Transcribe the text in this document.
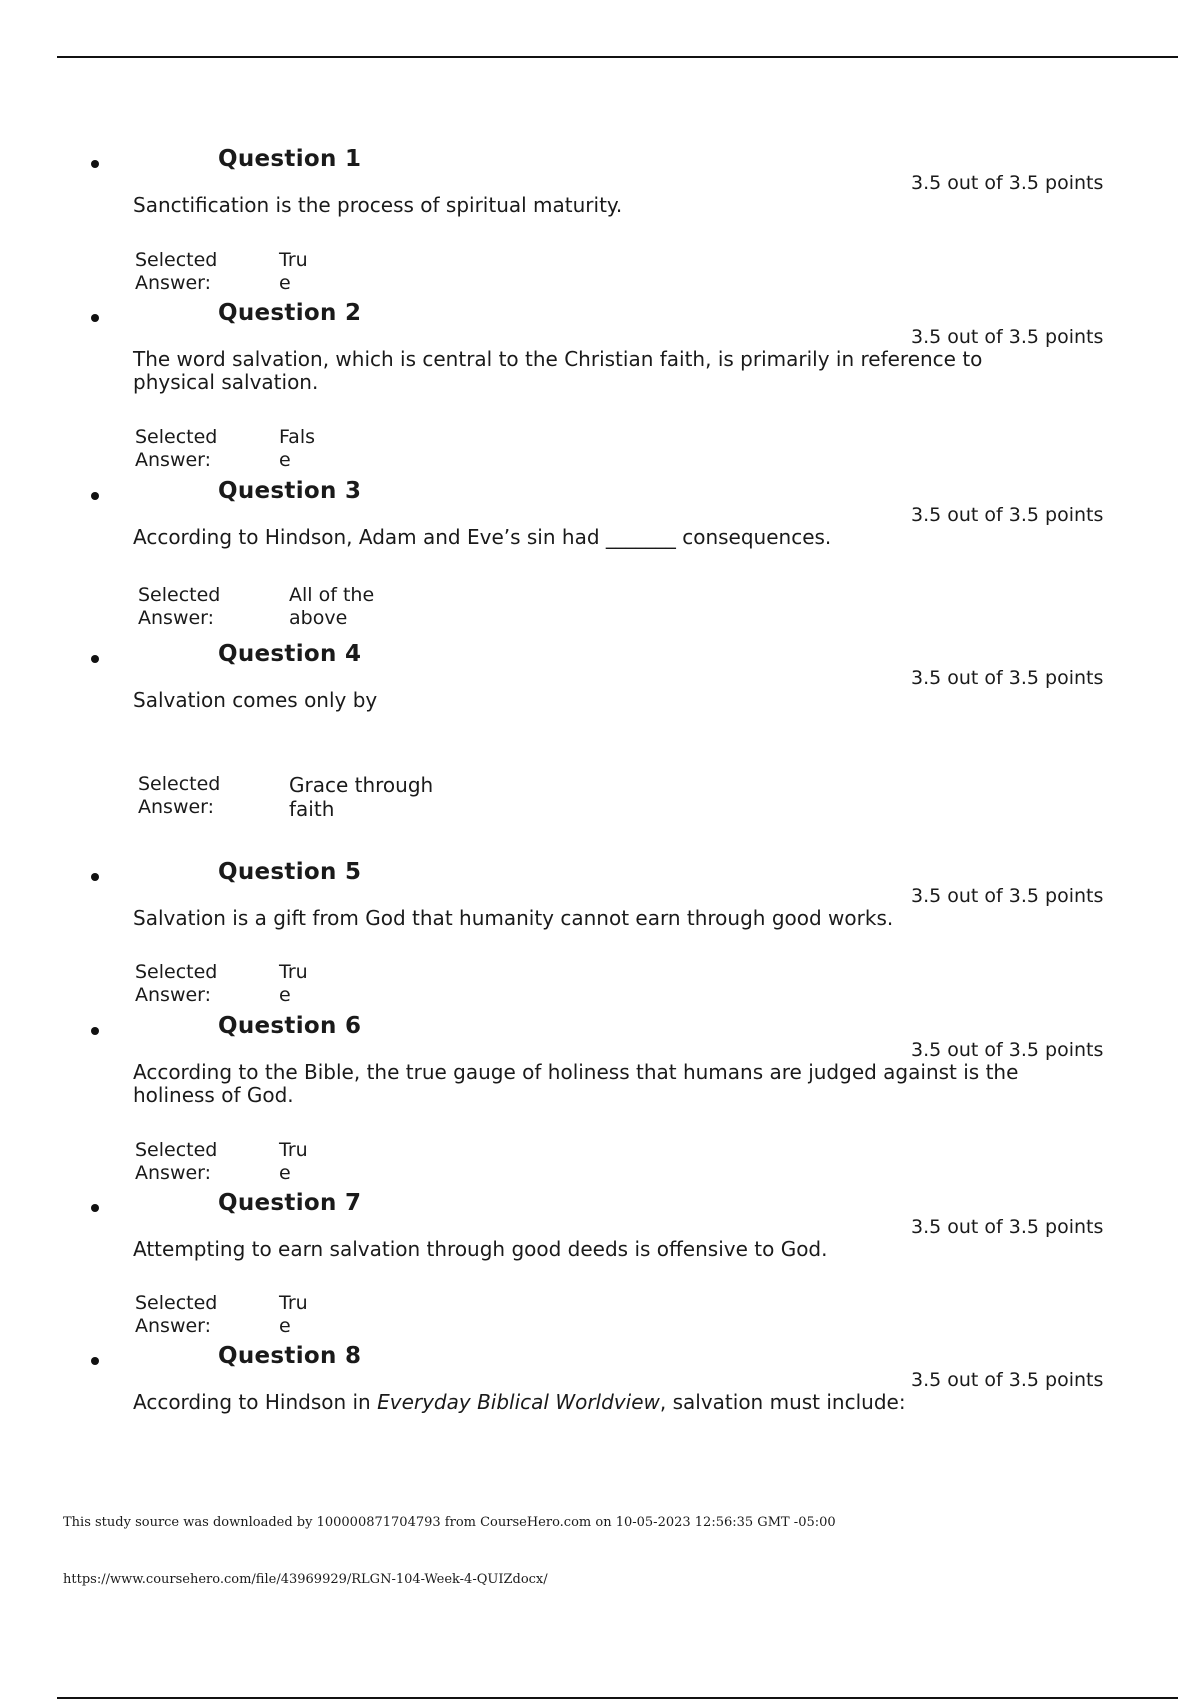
Question 1
3.5 out of 3.5 points
Sanctification is the process of spiritual maturity.
Selected Answer:
True
Question 2
3.5 out of 3.5 points
The word salvation, which is central to the Christian faith, is primarily in reference to physical salvation.
Selected Answer:
False
Question 3
3.5 out of 3.5 points
According to Hindson, Adam and Eve’s sin had _______ consequences.
Selected Answer:
All of the above
Question 4
3.5 out of 3.5 points
Salvation comes only by
Selected Answer:
Grace through faith
Question 5
3.5 out of 3.5 points
Salvation is a gift from God that humanity cannot earn through good works.
Selected Answer:
True
Question 6
3.5 out of 3.5 points
According to the Bible, the true gauge of holiness that humans are judged against is the holiness of God.
Selected Answer:
True
Question 7
3.5 out of 3.5 points
Attempting to earn salvation through good deeds is offensive to God.
Selected Answer:
True
Question 8
3.5 out of 3.5 points
According to Hindson in Everyday Biblical Worldview, salvation must include:
This study source was downloaded by 100000871704793 from CourseHero.com on 10-05-2023 12:56:35 GMT -05:00
https://www.coursehero.com/file/43969929/RLGN-104-Week-4-QUIZdocx/
